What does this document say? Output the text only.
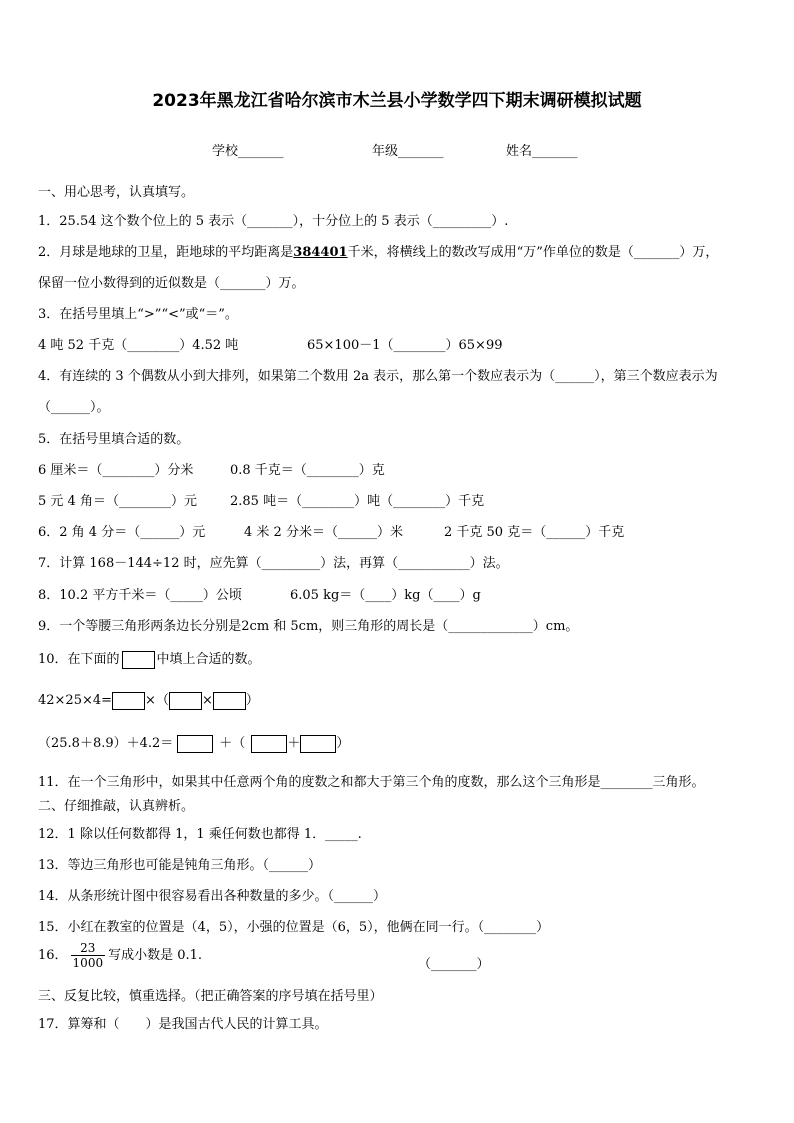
2023年黑龙江省哈尔滨市木兰县小学数学四下期末调研模拟试题
学校_______	年级_______	姓名_______
一、用心思考，认真填写。
1．25.54 这个数个位上的 5 表示（_______），十分位上的 5 表示（_________）.
2．月球是地球的卫星，距地球的平均距离是384401千米，将横线上的数改写成用“万”作单位的数是（_______）万，
保留一位小数得到的近似数是（_______）万。
3．在括号里填上“>”“<”或“＝”。
4 吨 52 千克（________）4.52 吨	65×100－1（________）65×99
4．有连续的 3 个偶数从小到大排列，如果第二个数用 2a 表示，那么第一个数应表示为（______），第三个数应表示为
（______）。
5．在括号里填合适的数。
6 厘米＝（________）分米	0.8 千克＝（________）克
5 元 4 角＝（________）元	2.85 吨＝（________）吨（________）千克
6．2 角 4 分＝（______）元	4 米 2 分米＝（______）米	2 千克 50 克＝（______）千克
7．计算 168－144÷12 时，应先算（_________）法，再算（___________）法。
8．10.2 平方千米＝（_____）公顷	6.05 kg＝（____）kg（____）g
9．一个等腰三角形两条边长分别是2cm 和 5cm，则三角形的周长是（_____________）cm。
10．在下面的	中填上合适的数。
42×25×4=	×（	×	）
（25.8＋8.9）＋4.2＝	＋（	＋	）
11．在一个三角形中，如果其中任意两个角的度数之和都大于第三个角的度数，那么这个三角形是________三角形。
二、仔细推敲，认真辨析。
12．1 除以任何数都得 1，1 乘任何数也都得 1．_____.
13．等边三角形也可能是钝角三角形。（______）
14．从条形统计图中很容易看出各种数量的多少。（______）
15．小红在教室的位置是（4，5），小强的位置是（6，5），他俩在同一行。（________）
16． $\frac{23}{1000}$ 写成小数是 0.1.
（_______）
三、反复比较，慎重选择。（把正确答案的序号填在括号里）
17．算筹和（　　）是我国古代人民的计算工具。
